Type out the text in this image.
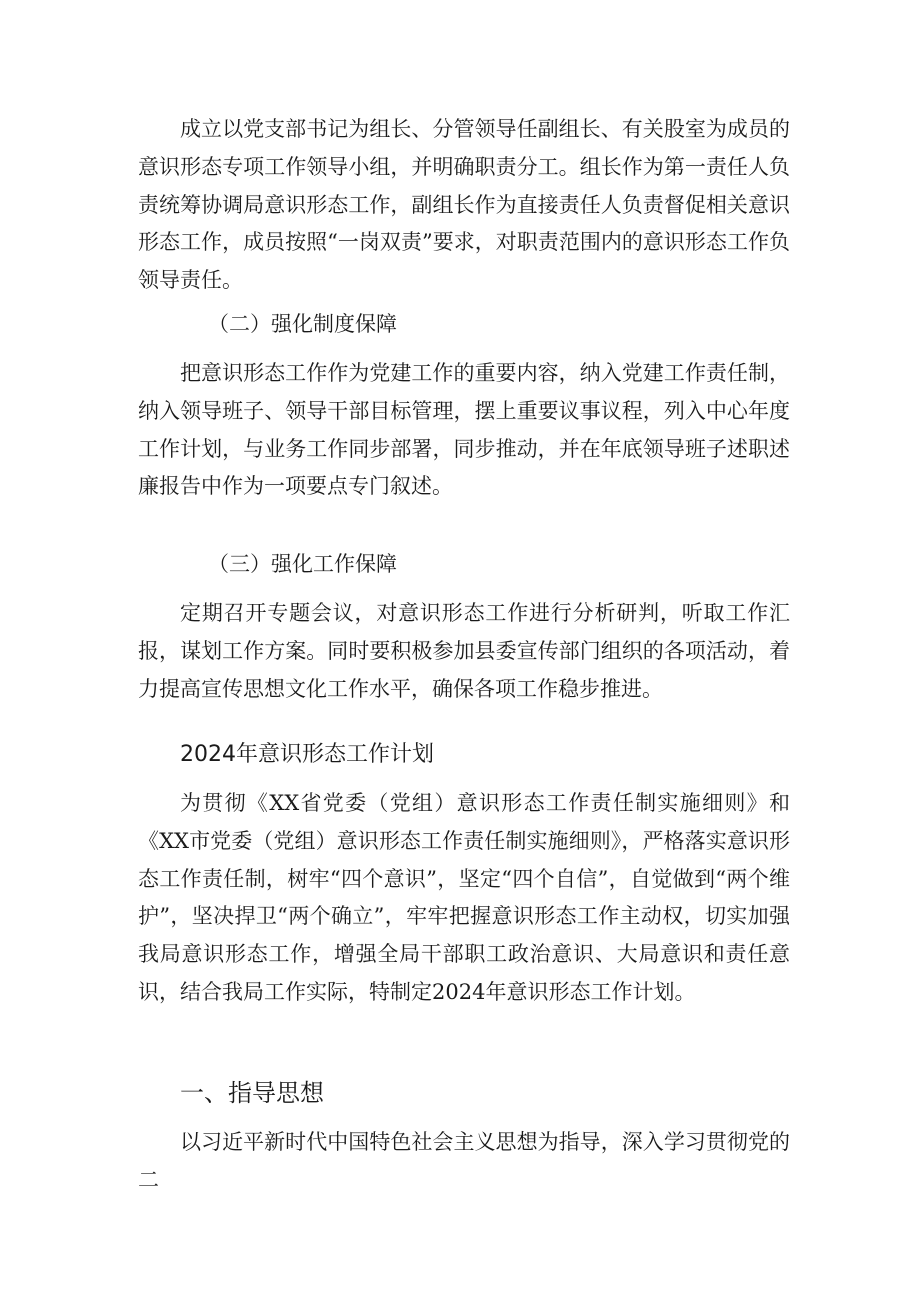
成立以党支部书记为组长、分管领导任副组长、有关股室为成员的意识形态专项工作领导小组，并明确职责分工。组长作为第一责任人负责统筹协调局意识形态工作，副组长作为直接责任人负责督促相关意识形态工作，成员按照“一岗双责”要求，对职责范围内的意识形态工作负领导责任。

（二）强化制度保障

把意识形态工作作为党建工作的重要内容，纳入党建工作责任制，纳入领导班子、领导干部目标管理，摆上重要议事议程，列入中心年度工作计划，与业务工作同步部署，同步推动，并在年底领导班子述职述廉报告中作为一项要点专门叙述。

（三）强化工作保障

定期召开专题会议，对意识形态工作进行分析研判，听取工作汇报，谋划工作方案。同时要积极参加县委宣传部门组织的各项活动，着力提高宣传思想文化工作水平，确保各项工作稳步推进。

2024年意识形态工作计划

为贯彻《XX省党委（党组）意识形态工作责任制实施细则》和《XX市党委（党组）意识形态工作责任制实施细则》，严格落实意识形态工作责任制，树牢“四个意识”，坚定“四个自信”，自觉做到“两个维护”，坚决捍卫“两个确立”，牢牢把握意识形态工作主动权，切实加强我局意识形态工作，增强全局干部职工政治意识、大局意识和责任意识，结合我局工作实际，特制定2024年意识形态工作计划。

一、指导思想

以习近平新时代中国特色社会主义思想为指导，深入学习贯彻党的二
